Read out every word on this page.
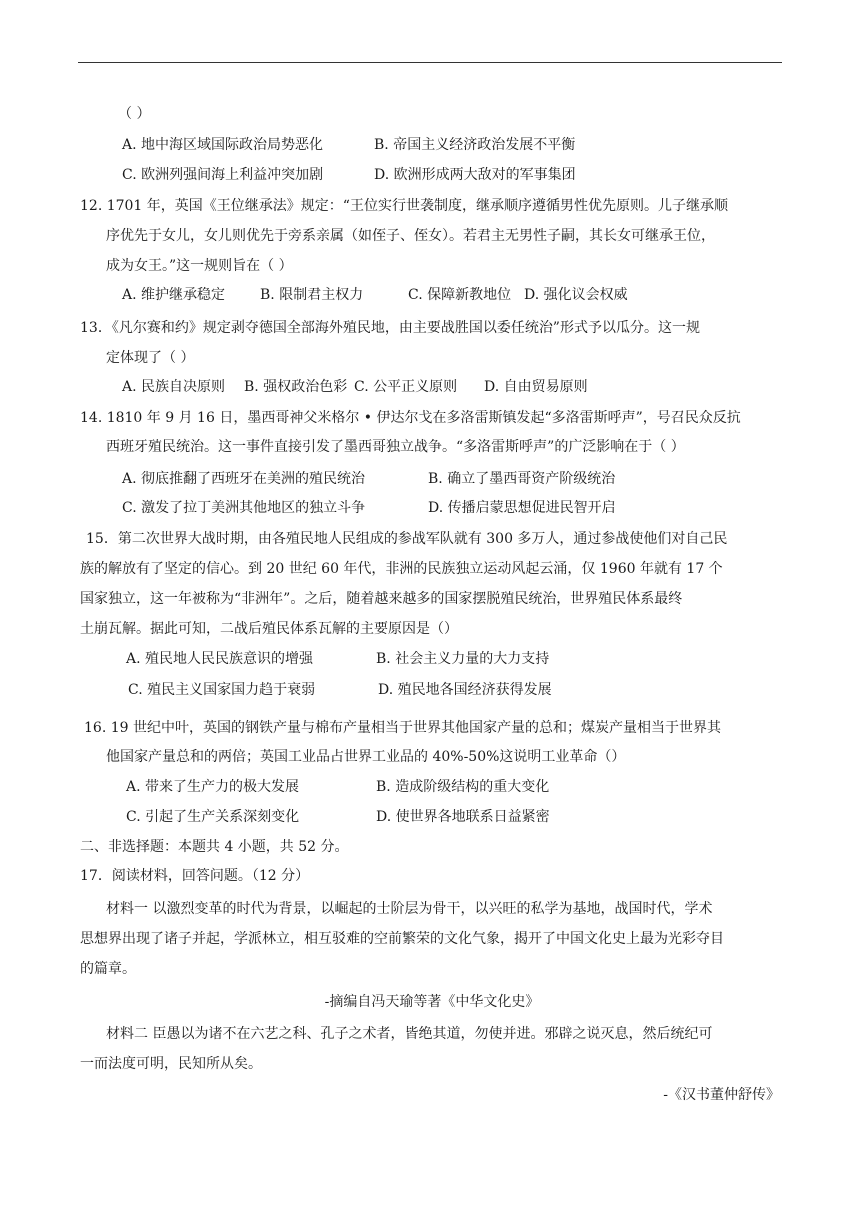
（ ）
A. 地中海区域国际政治局势恶化	B. 帝国主义经济政治发展不平衡
C. 欧洲列强间海上利益冲突加剧	D. 欧洲形成两大敌对的军事集团
12. 1701 年，英国《王位继承法》规定：“王位实行世袭制度，继承顺序遵循男性优先原则。儿子继承顺
序优先于女儿，女儿则优先于旁系亲属（如侄子、侄女）。若君主无男性子嗣，其长女可继承王位，
成为女王。”这一规则旨在（ ）
A. 维护继承稳定 B. 限制君主权力	C. 保障新教地位 D. 强化议会权威
13．《凡尔赛和约》规定剥夺德国全部海外殖民地，由主要战胜国以委任统治”形式予以瓜分。这一规
定体现了（ ）
A. 民族自决原则 B. 强权政治色彩 C. 公平正义原则 D. 自由贸易原则
14. 1810 年 9 月 16 日，墨西哥神父米格尔 • 伊达尔戈在多洛雷斯镇发起“多洛雷斯呼声”，号召民众反抗
西班牙殖民统治。这一事件直接引发了墨西哥独立战争。“多洛雷斯呼声”的广泛影响在于（ ）
A. 彻底推翻了西班牙在美洲的殖民统治	B. 确立了墨西哥资产阶级统治
C. 激发了拉丁美洲其他地区的独立斗争	D. 传播启蒙思想促进民智开启
15．第二次世界大战时期，由各殖民地人民组成的参战军队就有 300 多万人，通过参战使他们对自己民
族的解放有了坚定的信心。到 20 世纪 60 年代，非洲的民族独立运动风起云涌，仅 1960 年就有 17 个
国家独立，这一年被称为“非洲年”。之后，随着越来越多的国家摆脱殖民统治，世界殖民体系最终
土崩瓦解。据此可知，二战后殖民体系瓦解的主要原因是（）
A. 殖民地人民民族意识的增强	B. 社会主义力量的大力支持
C. 殖民主义国家国力趋于衰弱	D. 殖民地各国经济获得发展
16. 19 世纪中叶，英国的钢铁产量与棉布产量相当于世界其他国家产量的总和；煤炭产量相当于世界其
他国家产量总和的两倍；英国工业品占世界工业品的 40%-50%这说明工业革命（）
A. 带来了生产力的极大发展	B. 造成阶级结构的重大变化
C. 引起了生产关系深刻变化	D. 使世界各地联系日益紧密
二、非选择题：本题共 4 小题，共 52 分。
17．阅读材料，回答问题。（12 分）
材料一 以激烈变革的时代为背景，以崛起的士阶层为骨干，以兴旺的私学为基地，战国时代，学术
思想界出现了诸子并起，学派林立，相互驳难的空前繁荣的文化气象，揭开了中国文化史上最为光彩夺目
的篇章。
-摘编自冯天瑜等著《中华文化史》
材料二 臣愚以为诸不在六艺之科、孔子之术者，皆绝其道，勿使并进。邪辟之说灭息，然后统纪可
一而法度可明，民知所从矣。
-《汉书董仲舒传》
